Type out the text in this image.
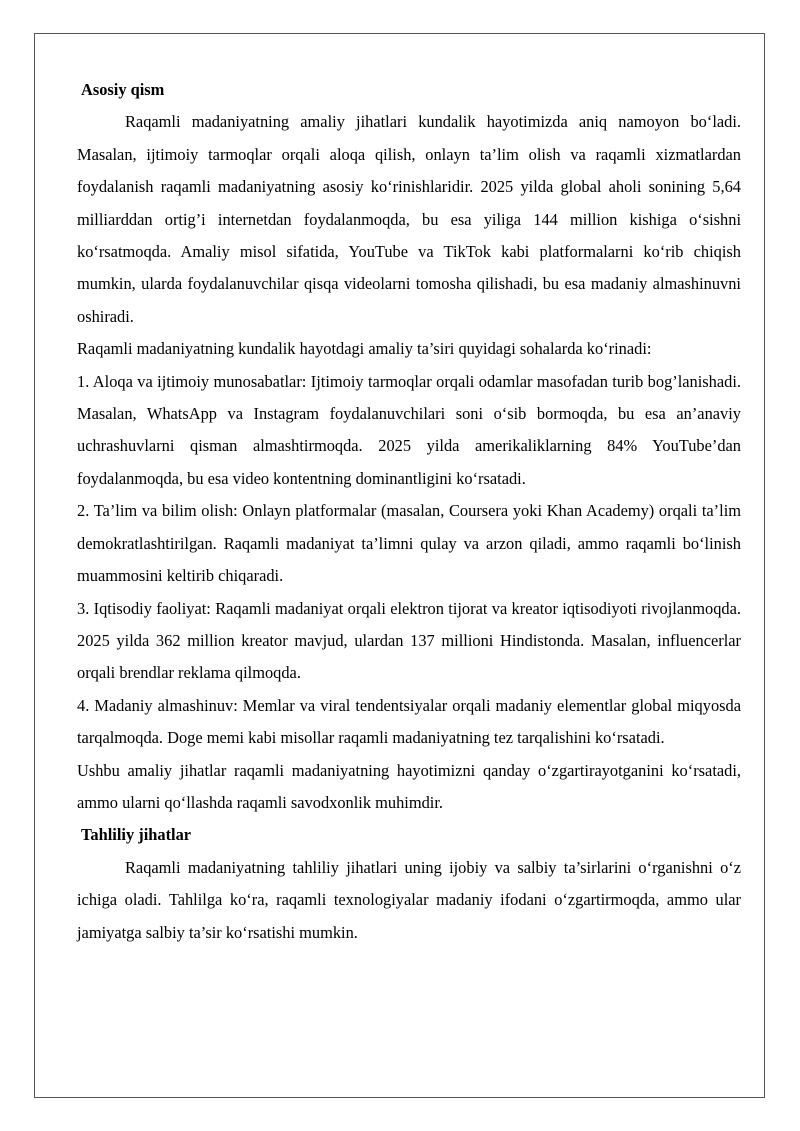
Asosiy qism

Raqamli madaniyatning amaliy jihatlari kundalik hayotimizda aniq namoyon boʻladi. Masalan, ijtimoiy tarmoqlar orqali aloqa qilish, onlayn ta’lim olish va raqamli xizmatlardan foydalanish raqamli madaniyatning asosiy koʻrinishlaridir. 2025 yilda global aholi sonining 5,64 milliarddan ortig’i internetdan foydalanmoqda, bu esa yiliga 144 million kishiga oʻsishni koʻrsatmoqda. Amaliy misol sifatida, YouTube va TikTok kabi platformalarni koʻrib chiqish mumkin, ularda foydalanuvchilar qisqa videolarni tomosha qilishadi, bu esa madaniy almashinuvni oshiradi.

Raqamli madaniyatning kundalik hayotdagi amaliy ta’siri quyidagi sohalarda koʻrinadi:

1. Aloqa va ijtimoiy munosabatlar: Ijtimoiy tarmoqlar orqali odamlar masofadan turib bog’lanishadi. Masalan, WhatsApp va Instagram foydalanuvchilari soni oʻsib bormoqda, bu esa an’anaviy uchrashuvlarni qisman almashtirmoqda. 2025 yilda amerikaliklarning 84% YouTube’dan foydalanmoqda, bu esa video kontentning dominantligini koʻrsatadi.

2. Ta’lim va bilim olish: Onlayn platformalar (masalan, Coursera yoki Khan Academy) orqali ta’lim demokratlashtirilgan. Raqamli madaniyat ta’limni qulay va arzon qiladi, ammo raqamli boʻlinish muammosini keltirib chiqaradi.

3. Iqtisodiy faoliyat: Raqamli madaniyat orqali elektron tijorat va kreator iqtisodiyoti rivojlanmoqda. 2025 yilda 362 million kreator mavjud, ulardan 137 millioni Hindistonda. Masalan, influencerlar orqali brendlar reklama qilmoqda.

4. Madaniy almashinuv: Memlar va viral tendentsiyalar orqali madaniy elementlar global miqyosda tarqalmoqda. Doge memi kabi misollar raqamli madaniyatning tez tarqalishini koʻrsatadi.

Ushbu amaliy jihatlar raqamli madaniyatning hayotimizni qanday oʻzgartirayotganini koʻrsatadi, ammo ularni qoʻllashda raqamli savodxonlik muhimdir.

Tahliliy jihatlar

Raqamli madaniyatning tahliliy jihatlari uning ijobiy va salbiy ta’sirlarini oʻrganishni oʻz ichiga oladi. Tahlilga koʻra, raqamli texnologiyalar madaniy ifodani oʻzgartirmoqda, ammo ular jamiyatga salbiy ta’sir koʻrsatishi mumkin.
